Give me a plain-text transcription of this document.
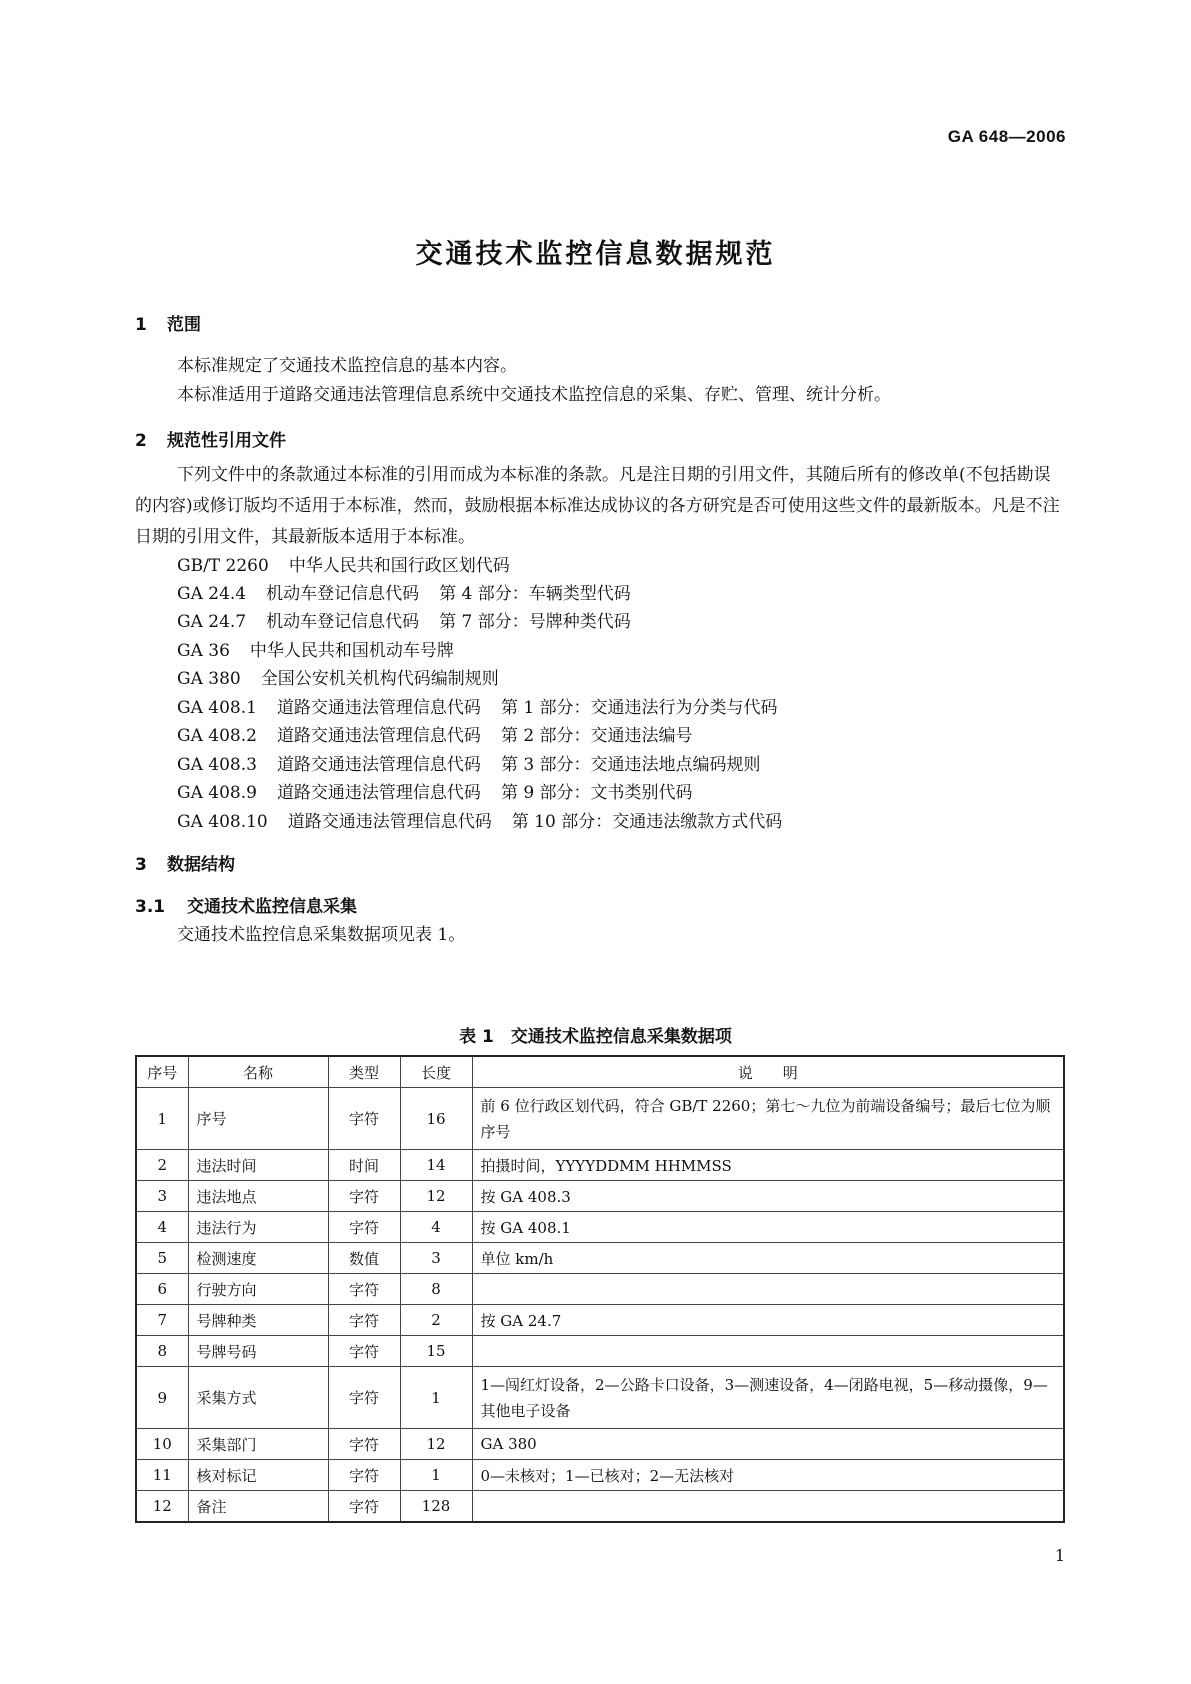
GA 648—2006
交通技术监控信息数据规范
1 范围
本标准规定了交通技术监控信息的基本内容。
本标准适用于道路交通违法管理信息系统中交通技术监控信息的采集、存贮、管理、统计分析。
2 规范性引用文件
下列文件中的条款通过本标准的引用而成为本标准的条款。凡是注日期的引用文件，其随后所有的修改单(不包括勘误的内容)或修订版均不适用于本标准，然而，鼓励根据本标准达成协议的各方研究是否可使用这些文件的最新版本。凡是不注日期的引用文件，其最新版本适用于本标准。
GB/T 2260 中华人民共和国行政区划代码
GA 24.4 机动车登记信息代码 第 4 部分：车辆类型代码
GA 24.7 机动车登记信息代码 第 7 部分：号牌种类代码
GA 36 中华人民共和国机动车号牌
GA 380 全国公安机关机构代码编制规则
GA 408.1 道路交通违法管理信息代码 第 1 部分：交通违法行为分类与代码
GA 408.2 道路交通违法管理信息代码 第 2 部分：交通违法编号
GA 408.3 道路交通违法管理信息代码 第 3 部分：交通违法地点编码规则
GA 408.9 道路交通违法管理信息代码 第 9 部分：文书类别代码
GA 408.10 道路交通违法管理信息代码 第 10 部分：交通违法缴款方式代码
3 数据结构
3.1 交通技术监控信息采集
交通技术监控信息采集数据项见表 1。
表 1　交通技术监控信息采集数据项
序号	名称	类型	长度	说　　明
1	序号	字符	16	前 6 位行政区划代码，符合 GB/T 2260；第七～九位为前端设备编号；最后七位为顺序号
2	违法时间	时间	14	拍摄时间，YYYYDDMM HHMMSS
3	违法地点	字符	12	按 GA 408.3
4	违法行为	字符	4	按 GA 408.1
5	检测速度	数值	3	单位 km/h
6	行驶方向	字符	8	
7	号牌种类	字符	2	按 GA 24.7
8	号牌号码	字符	15	
9	采集方式	字符	1	1—闯红灯设备，2—公路卡口设备，3—测速设备，4—闭路电视，5—移动摄像，9—其他电子设备
10	采集部门	字符	12	GA 380
11	核对标记	字符	1	0—未核对；1—已核对；2—无法核对
12	备注	字符	128	
1
